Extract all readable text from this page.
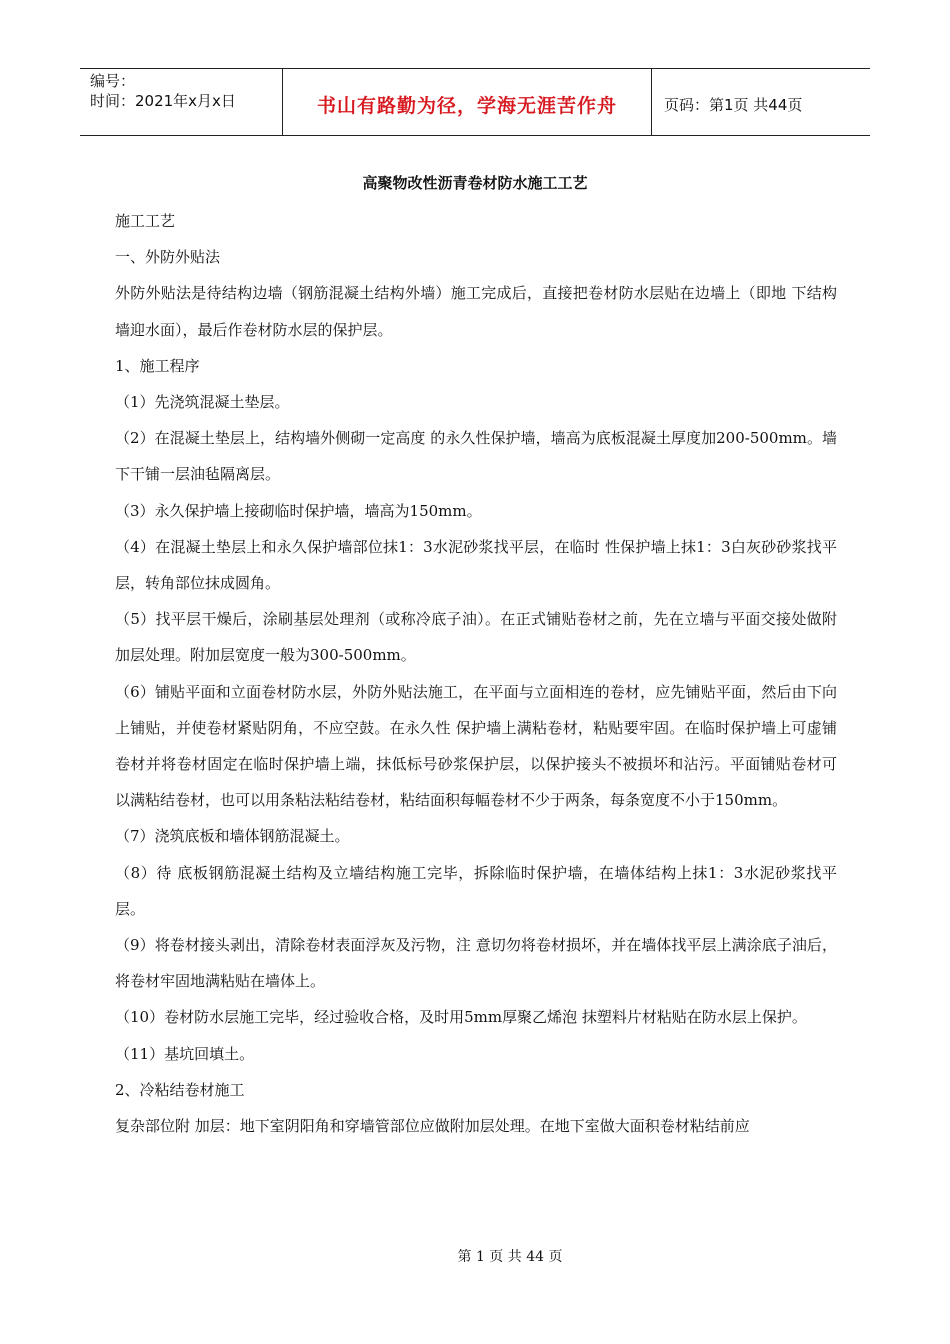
编号：
时间：2021年x月x日	书山有路勤为径，学海无涯苦作舟	页码：第1页 共44页
高聚物改性沥青卷材防水施工工艺

施工工艺

一、外防外贴法

外防外贴法是待结构边墙（钢筋混凝土结构外墙）施工完成后，直接把卷材防水层贴在边墙上（即地 下结构墙迎水面），最后作卷材防水层的保护层。

1、施工程序

（1）先浇筑混凝土垫层。

（2）在混凝土垫层上，结构墙外侧砌一定高度 的永久性保护墙，墙高为底板混凝土厚度加200-500mm。墙下干铺一层油毡隔离层。

（3）永久保护墙上接砌临时保护墙，墙高为150mm。

（4）在混凝土垫层上和永久保护墙部位抹1：3水泥砂浆找平层，在临时 性保护墙上抹1：3白灰砂砂浆找平层，转角部位抹成圆角。

（5）找平层干燥后，涂刷基层处理剂（或称冷底子油）。在正式铺贴卷材之前，先在立墙与平面交接处做附加层处理。附加层宽度一般为300-500mm。

（6）铺贴平面和立面卷材防水层，外防外贴法施工，在平面与立面相连的卷材，应先铺贴平面，然后由下向上铺贴，并使卷材紧贴阴角，不应空鼓。在永久性 保护墙上满粘卷材，粘贴要牢固。在临时保护墙上可虚铺卷材并将卷材固定在临时保护墙上端，抹低标号砂浆保护层，以保护接头不被损坏和沾污。平面铺贴卷材可 以满粘结卷材，也可以用条粘法粘结卷材，粘结面积每幅卷材不少于两条，每条宽度不小于150mm。

（7）浇筑底板和墙体钢筋混凝土。

（8）待 底板钢筋混凝土结构及立墙结构施工完毕，拆除临时保护墙，在墙体结构上抹1：3水泥砂浆找平层。

（9）将卷材接头剥出，清除卷材表面浮灰及污物，注 意切勿将卷材损坏，并在墙体找平层上满涂底子油后，将卷材牢固地满粘贴在墙体上。

（10）卷材防水层施工完毕，经过验收合格，及时用5mm厚聚乙烯泡 抹塑料片材粘贴在防水层上保护。

（11）基坑回填土。

2、冷粘结卷材施工

复杂部位附 加层：地下室阴阳角和穿墙管部位应做附加层处理。在地下室做大面积卷材粘结前应

第 1 页 共 44 页
